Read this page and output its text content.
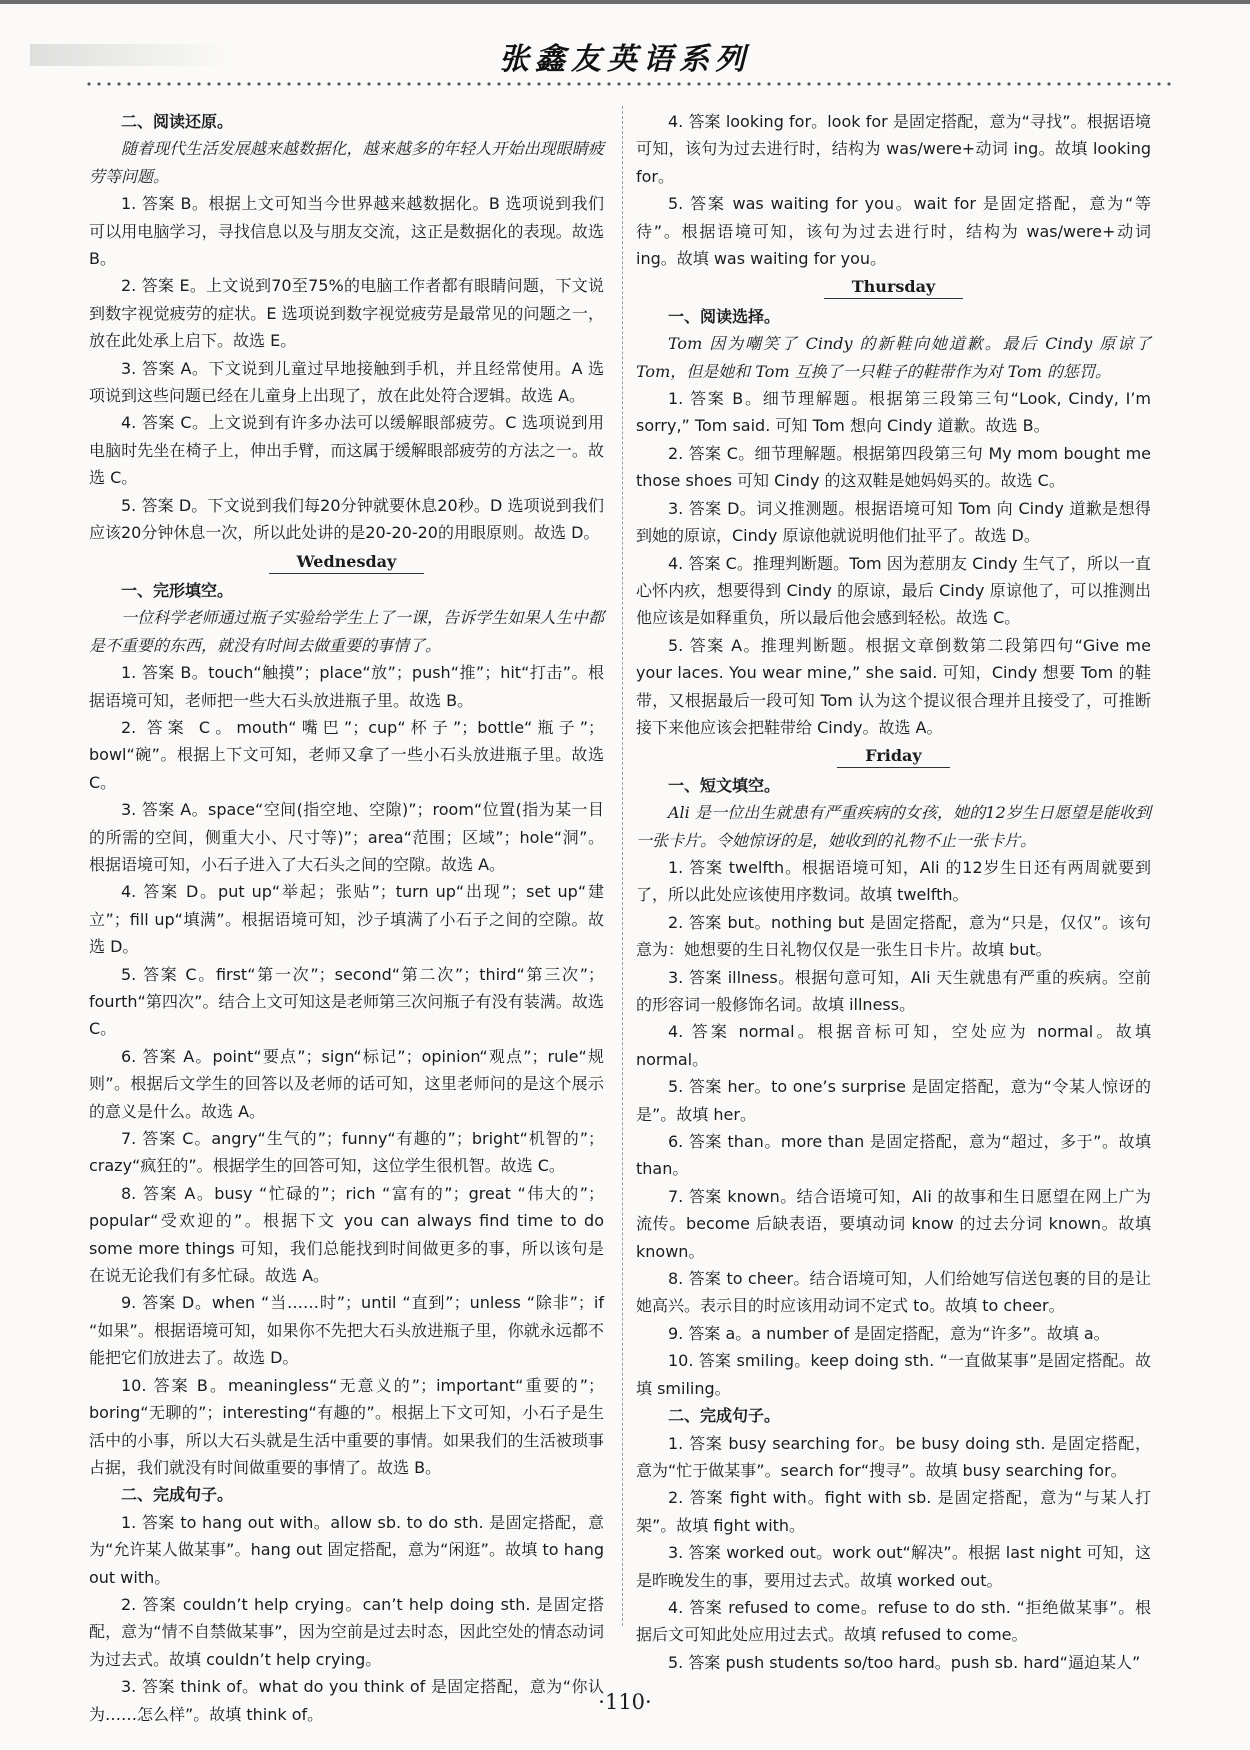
张鑫友英语系列

二、阅读还原。

随着现代生活发展越来越数据化，越来越多的年轻人开始出现眼睛疲劳等问题。

1. 答案 B。根据上文可知当今世界越来越数据化。B 选项说到我们可以用电脑学习，寻找信息以及与朋友交流，这正是数据化的表现。故选 B。

2. 答案 E。上文说到70至75%的电脑工作者都有眼睛问题，下文说到数字视觉疲劳的症状。E 选项说到数字视觉疲劳是最常见的问题之一，放在此处承上启下。故选 E。

3. 答案 A。下文说到儿童过早地接触到手机，并且经常使用。A 选项说到这些问题已经在儿童身上出现了，放在此处符合逻辑。故选 A。

4. 答案 C。上文说到有许多办法可以缓解眼部疲劳。C 选项说到用电脑时先坐在椅子上，伸出手臂，而这属于缓解眼部疲劳的方法之一。故选 C。

5. 答案 D。下文说到我们每20分钟就要休息20秒。D 选项说到我们应该20分钟休息一次，所以此处讲的是20-20-20的用眼原则。故选 D。

Wednesday

一、完形填空。

一位科学老师通过瓶子实验给学生上了一课，告诉学生如果人生中都是不重要的东西，就没有时间去做重要的事情了。

1. 答案 B。touch“触摸”；place“放”；push“推”；hit“打击”。根据语境可知，老师把一些大石头放进瓶子里。故选 B。

2. 答案 C。mouth“嘴巴”；cup“杯子”；bottle“瓶子”；bowl“碗”。根据上下文可知，老师又拿了一些小石头放进瓶子里。故选 C。

3. 答案 A。space“空间(指空地、空隙)”；room“位置(指为某一目的所需的空间，侧重大小、尺寸等)”；area“范围；区域”；hole“洞”。根据语境可知，小石子进入了大石头之间的空隙。故选 A。

4. 答案 D。put up“举起；张贴”；turn up“出现”；set up“建立”；fill up“填满”。根据语境可知，沙子填满了小石子之间的空隙。故选 D。

5. 答案 C。first“第一次”；second“第二次”；third“第三次”；fourth“第四次”。结合上文可知这是老师第三次问瓶子有没有装满。故选 C。

6. 答案 A。point“要点”；sign“标记”；opinion“观点”；rule“规则”。根据后文学生的回答以及老师的话可知，这里老师问的是这个展示的意义是什么。故选 A。

7. 答案 C。angry“生气的”；funny“有趣的”；bright“机智的”；crazy“疯狂的”。根据学生的回答可知，这位学生很机智。故选 C。

8. 答案 A。busy “忙碌的”；rich “富有的”；great “伟大的”；popular“受欢迎的”。根据下文 you can always find time to do some more things 可知，我们总能找到时间做更多的事，所以该句是在说无论我们有多忙碌。故选 A。

9. 答案 D。when “当……时”；until “直到”；unless “除非”；if “如果”。根据语境可知，如果你不先把大石头放进瓶子里，你就永远都不能把它们放进去了。故选 D。

10. 答案 B。meaningless“无意义的”；important“重要的”；boring“无聊的”；interesting“有趣的”。根据上下文可知，小石子是生活中的小事，所以大石头就是生活中重要的事情。如果我们的生活被琐事占据，我们就没有时间做重要的事情了。故选 B。

二、完成句子。

1. 答案 to hang out with。allow sb. to do sth. 是固定搭配，意为“允许某人做某事”。hang out 固定搭配，意为“闲逛”。故填 to hang out with。

2. 答案 couldn’t help crying。can’t help doing sth. 是固定搭配，意为“情不自禁做某事”，因为空前是过去时态，因此空处的情态动词为过去式。故填 couldn’t help crying。

3. 答案 think of。what do you think of 是固定搭配，意为“你认为……怎么样”。故填 think of。

4. 答案 looking for。look for 是固定搭配，意为“寻找”。根据语境可知，该句为过去进行时，结构为 was/were+动词 ing。故填 looking for。

5. 答案 was waiting for you。wait for 是固定搭配，意为“等待”。根据语境可知，该句为过去进行时，结构为 was/were+动词 ing。故填 was waiting for you。

Thursday

一、阅读选择。

Tom 因为嘲笑了 Cindy 的新鞋向她道歉。最后 Cindy 原谅了 Tom，但是她和 Tom 互换了一只鞋子的鞋带作为对 Tom 的惩罚。

1. 答案 B。细节理解题。根据第三段第三句“Look, Cindy, I’m sorry,” Tom said. 可知 Tom 想向 Cindy 道歉。故选 B。

2. 答案 C。细节理解题。根据第四段第三句 My mom bought me those shoes 可知 Cindy 的这双鞋是她妈妈买的。故选 C。

3. 答案 D。词义推测题。根据语境可知 Tom 向 Cindy 道歉是想得到她的原谅，Cindy 原谅他就说明他们扯平了。故选 D。

4. 答案 C。推理判断题。Tom 因为惹朋友 Cindy 生气了，所以一直心怀内疚，想要得到 Cindy 的原谅，最后 Cindy 原谅他了，可以推测出他应该是如释重负，所以最后他会感到轻松。故选 C。

5. 答案 A。推理判断题。根据文章倒数第二段第四句“Give me your laces. You wear mine,” she said. 可知，Cindy 想要 Tom 的鞋带，又根据最后一段可知 Tom 认为这个提议很合理并且接受了，可推断接下来他应该会把鞋带给 Cindy。故选 A。

Friday

一、短文填空。

Ali 是一位出生就患有严重疾病的女孩，她的12岁生日愿望是能收到一张卡片。令她惊讶的是，她收到的礼物不止一张卡片。

1. 答案 twelfth。根据语境可知，Ali 的12岁生日还有两周就要到了，所以此处应该使用序数词。故填 twelfth。

2. 答案 but。nothing but 是固定搭配，意为“只是，仅仅”。该句意为：她想要的生日礼物仅仅是一张生日卡片。故填 but。

3. 答案 illness。根据句意可知，Ali 天生就患有严重的疾病。空前的形容词一般修饰名词。故填 illness。

4. 答案 normal。根据音标可知，空处应为 normal。故填 normal。

5. 答案 her。to one’s surprise 是固定搭配，意为“令某人惊讶的是”。故填 her。

6. 答案 than。more than 是固定搭配，意为“超过，多于”。故填 than。

7. 答案 known。结合语境可知，Ali 的故事和生日愿望在网上广为流传。become 后缺表语，要填动词 know 的过去分词 known。故填 known。

8. 答案 to cheer。结合语境可知，人们给她写信送包裹的目的是让她高兴。表示目的时应该用动词不定式 to。故填 to cheer。

9. 答案 a。a number of 是固定搭配，意为“许多”。故填 a。

10. 答案 smiling。keep doing sth. “一直做某事”是固定搭配。故填 smiling。

二、完成句子。

1. 答案 busy searching for。be busy doing sth. 是固定搭配，意为“忙于做某事”。search for“搜寻”。故填 busy searching for。

2. 答案 fight with。fight with sb. 是固定搭配，意为“与某人打架”。故填 fight with。

3. 答案 worked out。work out“解决”。根据 last night 可知，这是昨晚发生的事，要用过去式。故填 worked out。

4. 答案 refused to come。refuse to do sth. “拒绝做某事”。根据后文可知此处应用过去式。故填 refused to come。

5. 答案 push students so/too hard。push sb. hard“逼迫某人”

·110·
